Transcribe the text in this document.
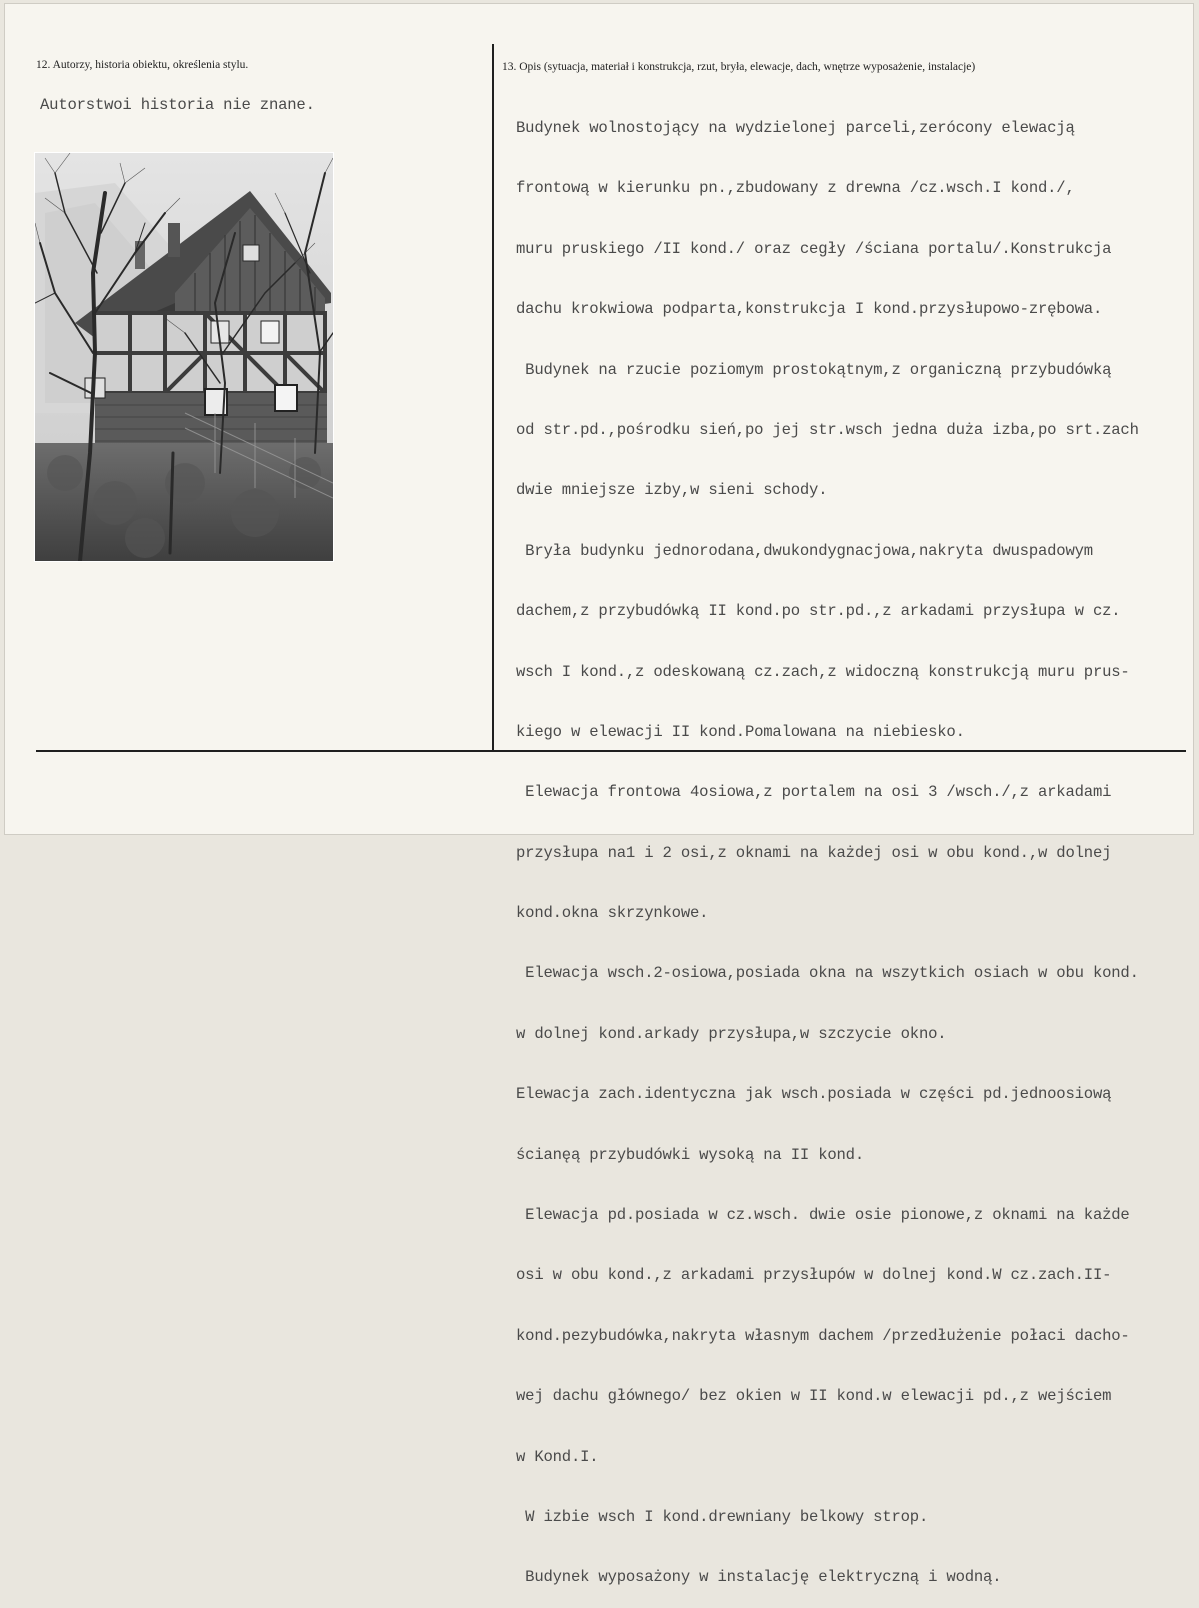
12. Autorzy, historia obiektu, określenia stylu.
Autorstwoi historia nie znane.
13. Opis (sytuacja, materiał i konstrukcja, rzut, bryła, elewacje, dach, wnętrze wyposażenie, instalacje)

Budynek wolnostojący na wydzielonej parceli,zerócony elewacją

frontową w kierunku pn.,zbudowany z drewna /cz.wsch.I kond./,

muru pruskiego /II kond./ oraz cegły /ściana portalu/.Konstrukcja

dachu krokwiowa podparta,konstrukcja I kond.przysłupowo-zrębowa.

Budynek na rzucie poziomym prostokątnym,z organiczną przybudówką

od str.pd.,pośrodku sień,po jej str.wsch jedna duża izba,po srt.zach

dwie mniejsze izby,w sieni schody.

Bryła budynku jednorodana,dwukondygnacjowa,nakryta dwuspadowym

dachem,z przybudówką II kond.po str.pd.,z arkadami przysłupa w cz.

wsch I kond.,z odeskowaną cz.zach,z widoczną konstrukcją muru prus-

kiego w elewacji II kond.Pomalowana na niebiesko.

Elewacja frontowa 4osiowa,z portalem na osi 3 /wsch./,z arkadami

przysłupa na1 i 2 osi,z oknami na każdej osi w obu kond.,w dolnej

kond.okna skrzynkowe.

Elewacja wsch.2-osiowa,posiada okna na wszytkich osiach w obu kond.

w dolnej kond.arkady przysłupa,w szczycie okno.

Elewacja zach.identyczna jak wsch.posiada w części pd.jednoosiową

ścianęą przybudówki wysoką na II kond.

Elewacja pd.posiada w cz.wsch. dwie osie pionowe,z oknami na każde

osi w obu kond.,z arkadami przysłupów w dolnej kond.W cz.zach.II-

kond.pezybudówka,nakryta własnym dachem /przedłużenie połaci dacho-

wej dachu głównego/ bez okien w II kond.w elewacji pd.,z wejściem

w Kond.I.

W izbie wsch I kond.drewniany belkowy strop.

Budynek wyposażony w instalację elektryczną i wodną.
